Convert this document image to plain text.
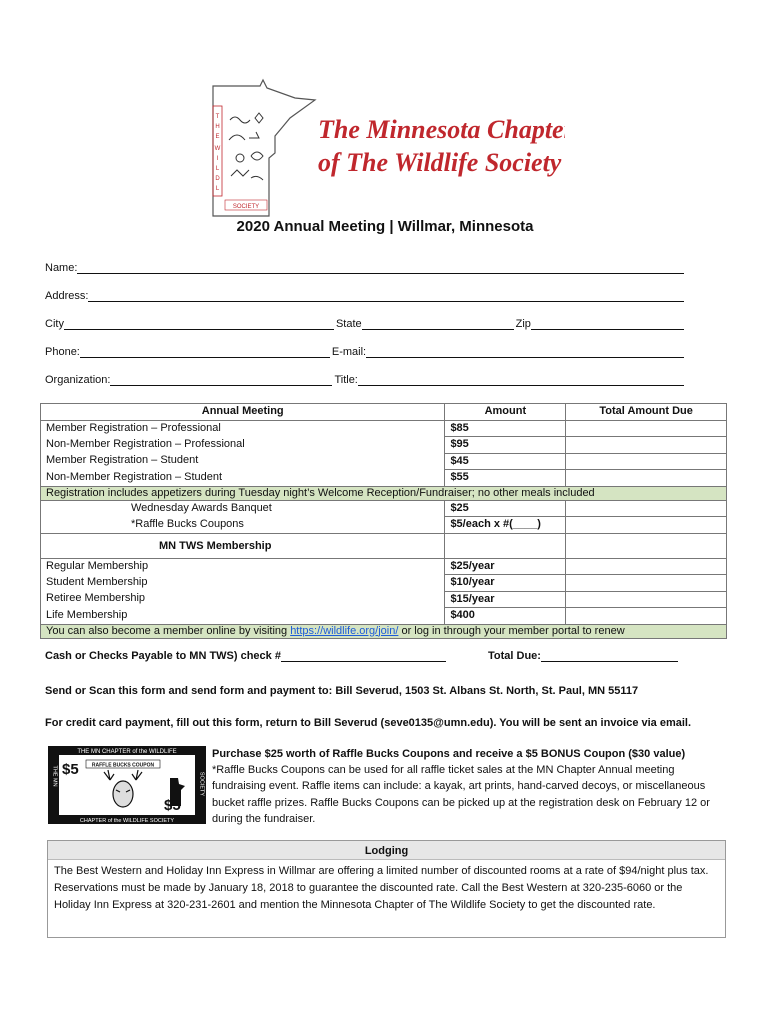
T
H
E
W
I
L
D
L
SOCIETY
The Minnesota Chapter
of The Wildlife Society
2020 Annual Meeting | Willmar, Minnesota
Name:
Address:
City	State	Zip
Phone:	E-mail:
Organization:	Title:
Annual Meeting	Amount	Total Amount Due
Member Registration – Professional	$85	
Non-Member Registration – Professional	$95	
Member Registration – Student	$45	
Non-Member Registration – Student	$55	
Registration includes appetizers during Tuesday night’s Welcome Reception/Fundraiser; no other meals included		
Wednesday Awards Banquet	$25	
*Raffle Bucks Coupons	$5/each x #(____)	
MN TWS Membership		
Regular Membership	$25/year	
Student Membership	$10/year	
Retiree Membership	$15/year	
Life Membership	$400	
You can also become a member online by visiting https://wildlife.org/join/ or log in through your member portal to renew		
Cash or Checks Payable to MN TWS) check #	Total Due:
Send or Scan this form and send form and payment to: Bill Severud, 1503 St. Albans St. North, St. Paul, MN 55117
For credit card payment, fill out this form, return to Bill Severud (seve0135@umn.edu). You will be sent an invoice via email.
THE MN CHAPTER of the WILDLIFE
CHAPTER of the WILDLIFE SOCIETY
THE MN	SOCIETY
$5	RAFFLE BUCKS COUPON
$5
Purchase $25 worth of Raffle Bucks Coupons and receive a $5 BONUS Coupon ($30 value)
*Raffle Bucks Coupons can be used for all raffle ticket sales at the MN Chapter Annual meeting fundraising event. Raffle items can include: a kayak, art prints, hand-carved decoys, or miscellaneous bucket raffle prizes. Raffle Bucks Coupons can be picked up at the registration desk on February 12 or during the fundraiser.
Lodging
The Best Western and Holiday Inn Express in Willmar are offering a limited number of discounted rooms at a rate of $94/night plus tax. Reservations must be made by January 18, 2018 to guarantee the discounted rate. Call the Best Western at 320-235-6060 or the Holiday Inn Express at 320-231-2601 and mention the Minnesota Chapter of The Wildlife Society to get the discounted rate.
